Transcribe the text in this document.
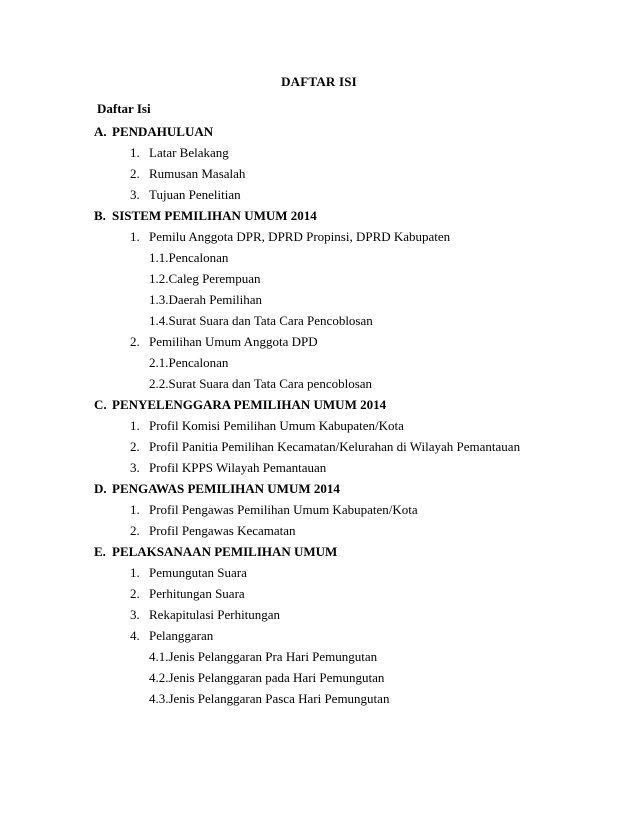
DAFTAR ISI
Daftar Isi
A. PENDAHULUAN
1. Latar Belakang
2. Rumusan Masalah
3. Tujuan Penelitian
B. SISTEM PEMILIHAN UMUM 2014
1. Pemilu Anggota DPR, DPRD Propinsi, DPRD Kabupaten
1.1.Pencalonan
1.2.Caleg Perempuan
1.3.Daerah Pemilihan
1.4.Surat Suara dan Tata Cara Pencoblosan
2. Pemilihan Umum Anggota DPD
2.1.Pencalonan
2.2.Surat Suara dan Tata Cara pencoblosan
C. PENYELENGGARA PEMILIHAN UMUM 2014
1. Profil Komisi Pemilihan Umum Kabupaten/Kota
2. Profil Panitia Pemilihan Kecamatan/Kelurahan di Wilayah Pemantauan
3. Profil KPPS Wilayah Pemantauan
D. PENGAWAS PEMILIHAN UMUM 2014
1. Profil Pengawas Pemilihan Umum Kabupaten/Kota
2. Profil Pengawas Kecamatan
E. PELAKSANAAN PEMILIHAN UMUM
1. Pemungutan Suara
2. Perhitungan Suara
3. Rekapitulasi Perhitungan
4. Pelanggaran
4.1.Jenis Pelanggaran Pra Hari Pemungutan
4.2.Jenis Pelanggaran pada Hari Pemungutan
4.3.Jenis Pelanggaran Pasca Hari Pemungutan
